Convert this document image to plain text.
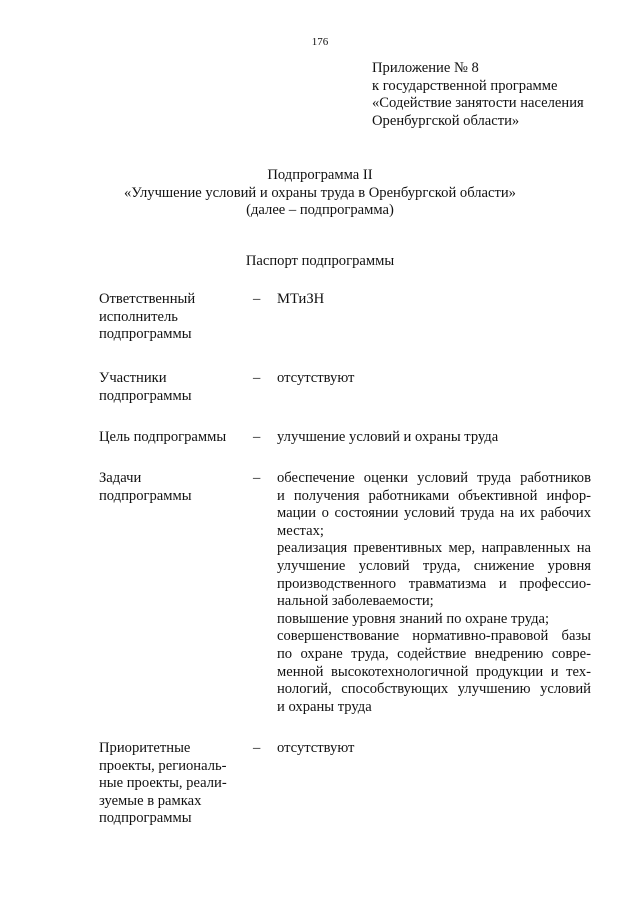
176
Приложение № 8
к государственной программе
«Содействие занятости населения
Оренбургской области»
Подпрограмма II
«Улучшение условий и охраны труда в Оренбургской области»
(далее – подпрограмма)
Паспорт подпрограммы
Ответственный
исполнитель
подпрограммы
–	МТиЗН
Участники
подпрограммы
–	отсутствуют
Цель подпрограммы	–	улучшение условий и охраны труда
Задачи
подпрограммы
–	обеспечение оценки условий труда работников
и получения работниками объективной инфор-
мации о состоянии условий труда на их рабочих
местах;
реализация превентивных мер, направленных на
улучшение условий труда, снижение уровня
производственного травматизма и профессио-
нальной заболеваемости;
повышение уровня знаний по охране труда;
совершенствование нормативно-правовой базы
по охране труда, содействие внедрению совре-
менной высокотехнологичной продукции и тех-
нологий, способствующих улучшению условий
и охраны труда
Приоритетные
проекты, региональ-
ные проекты, реали-
зуемые в рамках
подпрограммы
–	отсутствуют
